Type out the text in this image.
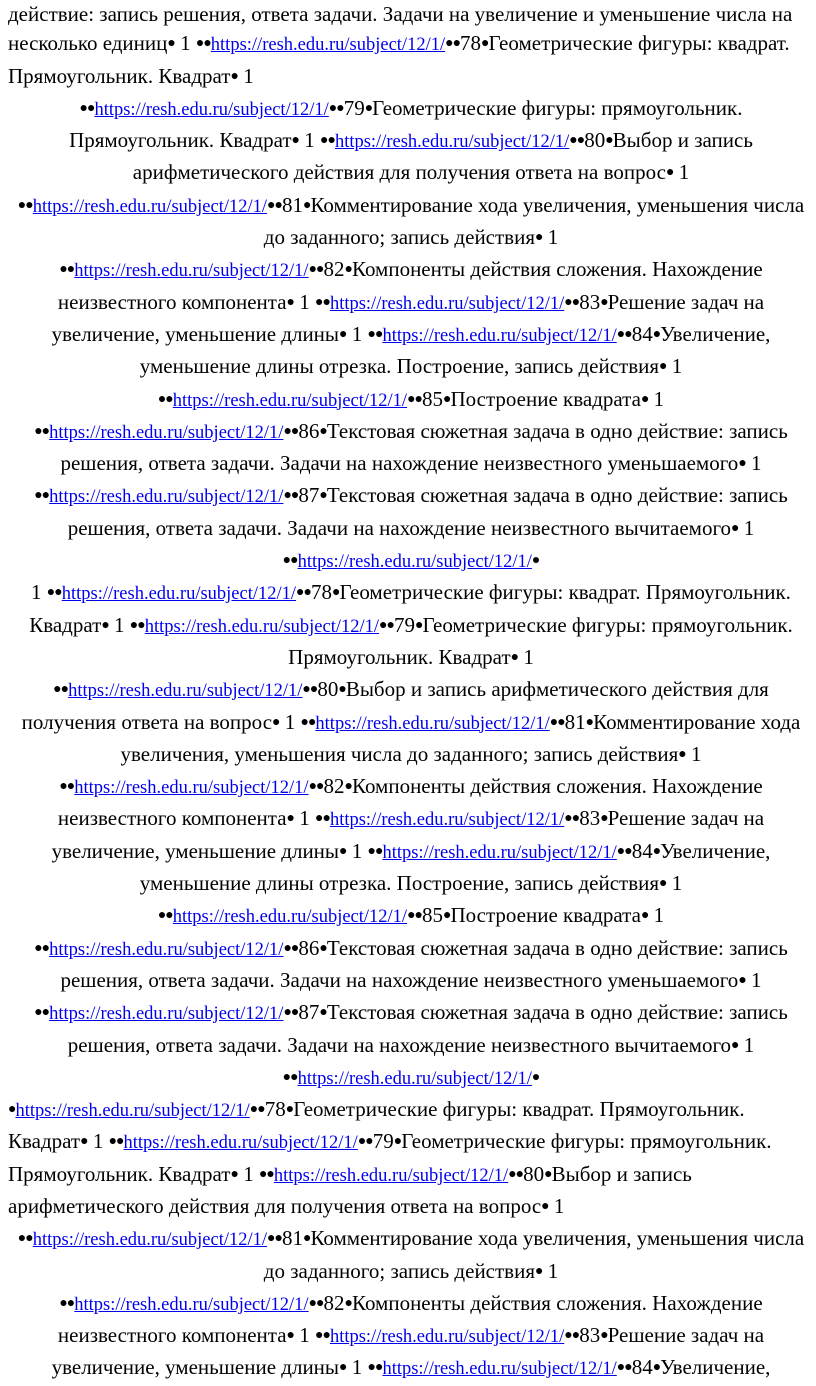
действие: запись решения, ответа задачи. Задачи на увеличение и уменьшение числа на несколько единиц● 1 ●●https://resh.edu.ru/subject/12/1/●●78●Геометрические фигуры: квадрат. Прямоугольник. Квадрат● 1

●●https://resh.edu.ru/subject/12/1/●●79●Геометрические фигуры: прямоугольник. Прямоугольник. Квадрат● 1 ●●https://resh.edu.ru/subject/12/1/●●80●Выбор и запись арифметического действия для получения ответа на вопрос● 1

●●https://resh.edu.ru/subject/12/1/●●81●Комментирование хода увеличения, уменьшения числа до заданного; запись действия● 1

●●https://resh.edu.ru/subject/12/1/●●82●Компоненты действия сложения. Нахождение неизвестного компонента● 1 ●●https://resh.edu.ru/subject/12/1/●●83●Решение задач на увеличение, уменьшение длины● 1 ●●https://resh.edu.ru/subject/12/1/●●84●Увеличение, уменьшение длины отрезка. Построение, запись действия● 1

●●https://resh.edu.ru/subject/12/1/●●85●Построение квадрата● 1

●●https://resh.edu.ru/subject/12/1/●●86●Текстовая сюжетная задача в одно действие: запись решения, ответа задачи. Задачи на нахождение неизвестного уменьшаемого● 1

●●https://resh.edu.ru/subject/12/1/●●87●Текстовая сюжетная задача в одно действие: запись решения, ответа задачи. Задачи на нахождение неизвестного вычитаемого● 1

●●https://resh.edu.ru/subject/12/1/●

1 ●●https://resh.edu.ru/subject/12/1/●●78●Геометрические фигуры: квадрат. Прямоугольник. Квадрат● 1 ●●https://resh.edu.ru/subject/12/1/●●79●Геометрические фигуры: прямоугольник. Прямоугольник. Квадрат● 1

●●https://resh.edu.ru/subject/12/1/●●80●Выбор и запись арифметического действия для получения ответа на вопрос● 1 ●●https://resh.edu.ru/subject/12/1/●●81●Комментирование хода увеличения, уменьшения числа до заданного; запись действия● 1

●●https://resh.edu.ru/subject/12/1/●●82●Компоненты действия сложения. Нахождение неизвестного компонента● 1 ●●https://resh.edu.ru/subject/12/1/●●83●Решение задач на увеличение, уменьшение длины● 1 ●●https://resh.edu.ru/subject/12/1/●●84●Увеличение, уменьшение длины отрезка. Построение, запись действия● 1

●●https://resh.edu.ru/subject/12/1/●●85●Построение квадрата● 1

●●https://resh.edu.ru/subject/12/1/●●86●Текстовая сюжетная задача в одно действие: запись решения, ответа задачи. Задачи на нахождение неизвестного уменьшаемого● 1

●●https://resh.edu.ru/subject/12/1/●●87●Текстовая сюжетная задача в одно действие: запись решения, ответа задачи. Задачи на нахождение неизвестного вычитаемого● 1

●●https://resh.edu.ru/subject/12/1/●

●https://resh.edu.ru/subject/12/1/●●78●Геометрические фигуры: квадрат. Прямоугольник. Квадрат● 1 ●●https://resh.edu.ru/subject/12/1/●●79●Геометрические фигуры: прямоугольник. Прямоугольник. Квадрат● 1 ●●https://resh.edu.ru/subject/12/1/●●80●Выбор и запись арифметического действия для получения ответа на вопрос● 1

●●https://resh.edu.ru/subject/12/1/●●81●Комментирование хода увеличения, уменьшения числа до заданного; запись действия● 1

●●https://resh.edu.ru/subject/12/1/●●82●Компоненты действия сложения. Нахождение неизвестного компонента● 1 ●●https://resh.edu.ru/subject/12/1/●●83●Решение задач на увеличение, уменьшение длины● 1 ●●https://resh.edu.ru/subject/12/1/●●84●Увеличение,
